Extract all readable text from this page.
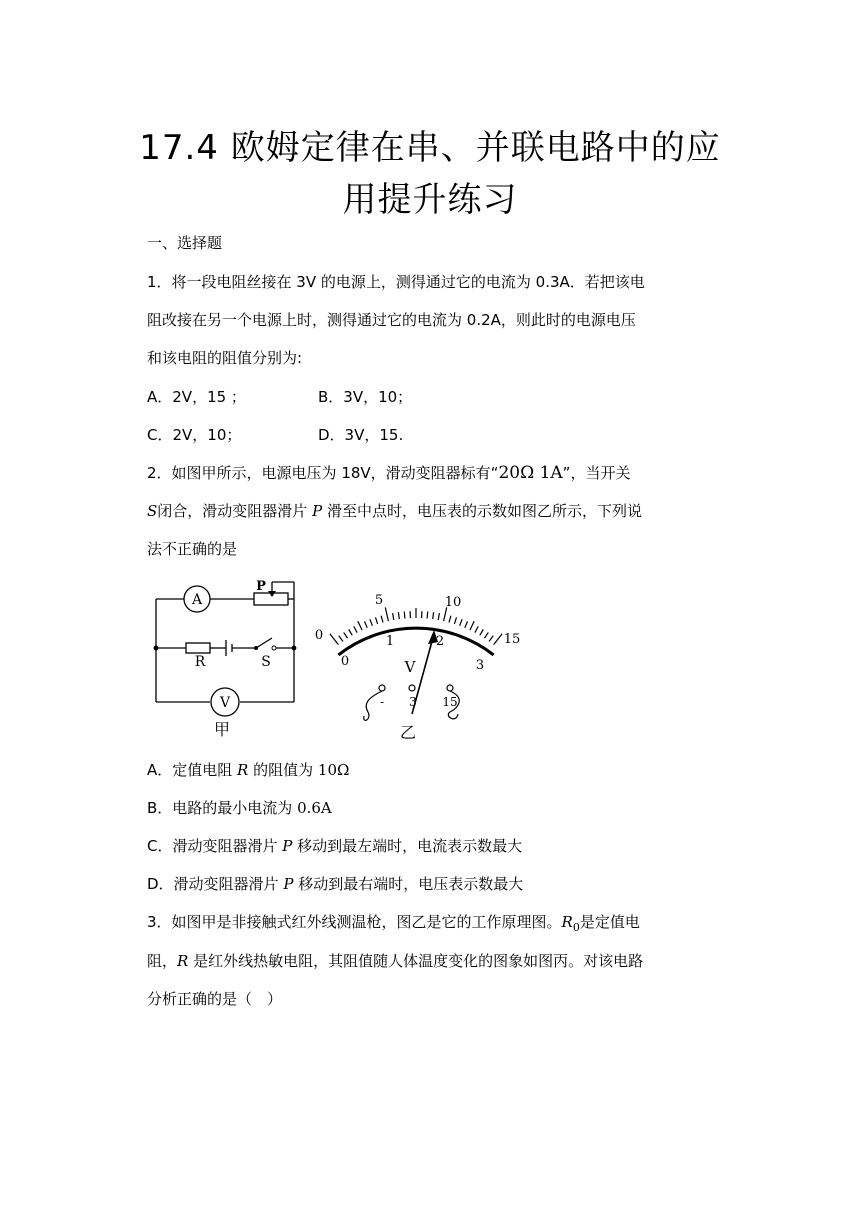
17.4 欧姆定律在串、并联电路中的应
用提升练习
一、选择题
1．将一段电阻丝接在 3V 的电源上，测得通过它的电流为 0.3A．若把该电
阻改接在另一个电源上时，测得通过它的电流为 0.2A，则此时的电源电压
和该电阻的阻值分别为:
A．2V，15 ；	B．3V，10；
C．2V，10；	D．3V，15.
2．如图甲所示，电源电压为 18V，滑动变阻器标有“20Ω 1A”，当开关
S闭合，滑动变阻器滑片 P 滑至中点时，电压表的示数如图乙所示，下列说
法不正确的是
A
V
R	S
P
甲
0
5	10
15
0
1	2
3
V
- 3 15
乙
A．定值电阻 R 的阻值为 10Ω
B．电路的最小电流为 0.6A
C．滑动变阻器滑片 P 移动到最左端时，电流表示数最大
D．滑动变阻器滑片 P 移动到最右端时，电压表示数最大
3．如图甲是非接触式红外线测温枪，图乙是它的工作原理图。$R_0$是定值电
阻，R 是红外线热敏电阻，其阻值随人体温度变化的图象如图丙。对该电路
分析正确的是（　）
